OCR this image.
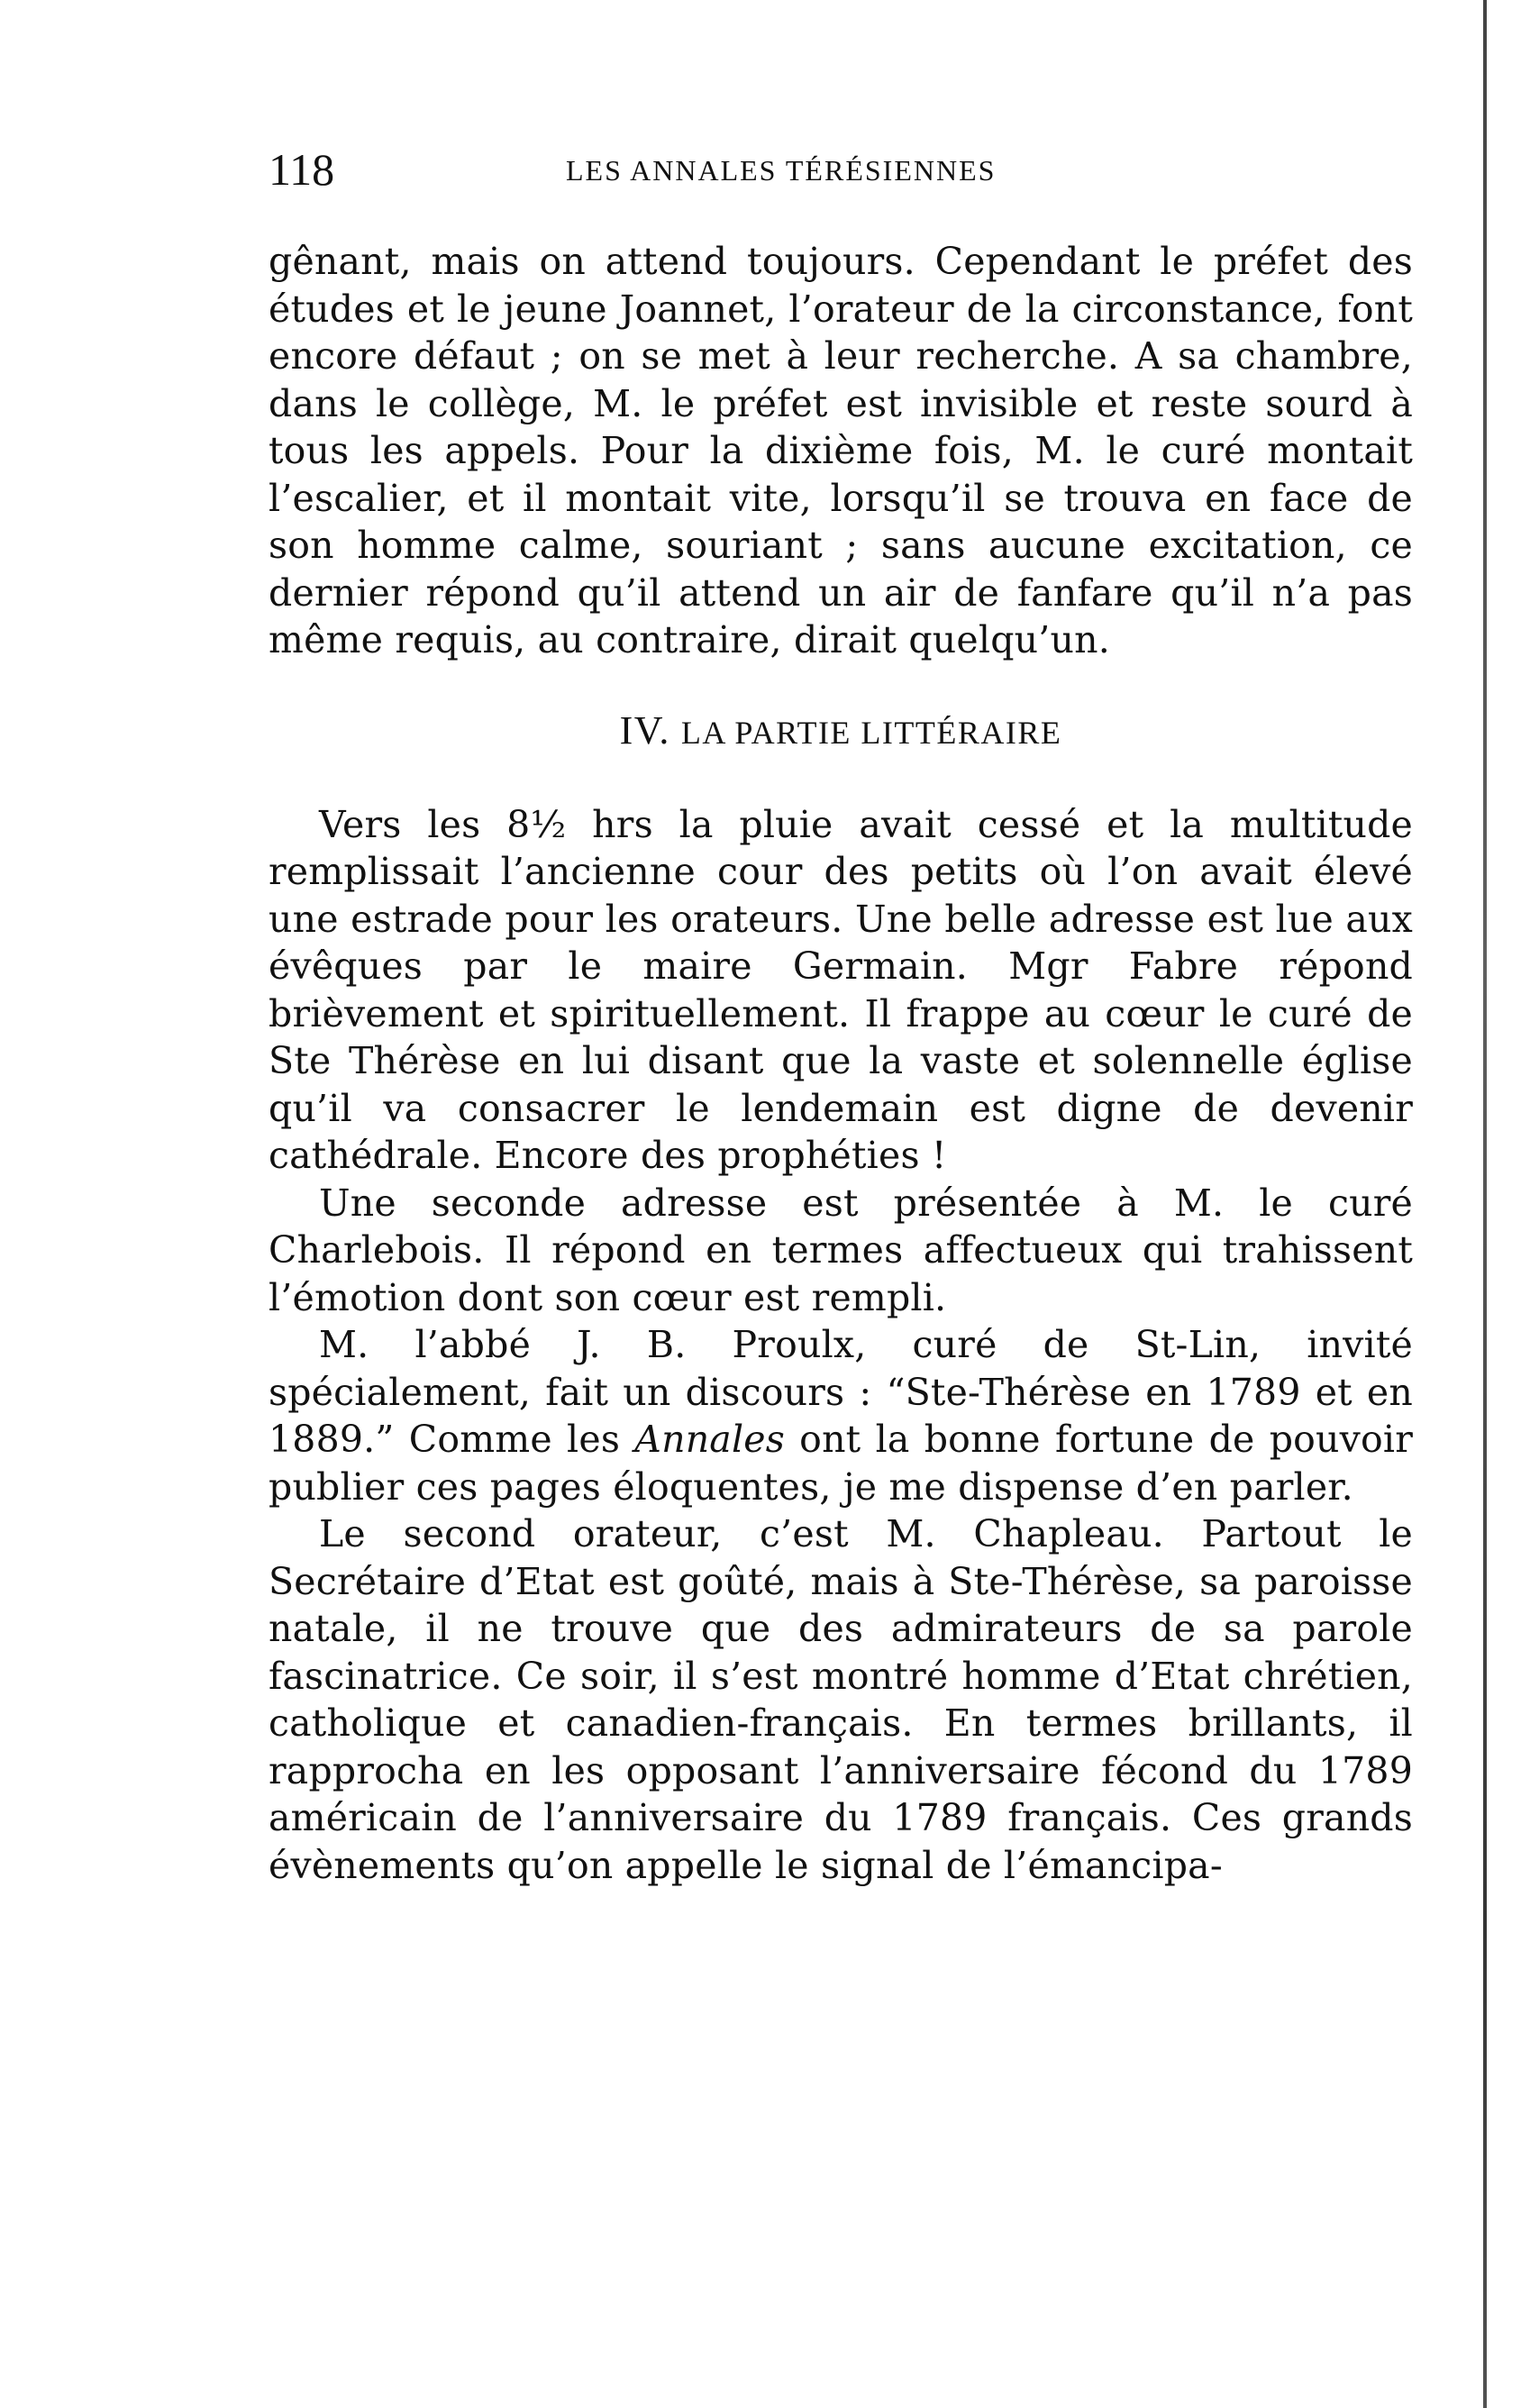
118	LES ANNALES TÉRÉSIENNES

gênant, mais on attend toujours. Cependant le préfet des études et le jeune Joannet, l’orateur de la circonstance, font encore défaut ; on se met à leur recherche. A sa chambre, dans le collège, M. le préfet est invisible et reste sourd à tous les appels. Pour la dixième fois, M. le curé montait l’escalier, et il montait vite, lorsqu’il se trouva en face de son homme calme, souriant ; sans aucune excitation, ce dernier répond qu’il attend un air de fanfare qu’il n’a pas même requis, au contraire, dirait quelqu’un.

IV. LA PARTIE LITTÉRAIRE

Vers les 8½ hrs la pluie avait cessé et la multitude remplissait l’ancienne cour des petits où l’on avait élevé une estrade pour les orateurs. Une belle adresse est lue aux évêques par le maire Germain. Mgr Fabre répond brièvement et spirituellement. Il frappe au cœur le curé de Ste Thérèse en lui disant que la vaste et solennelle église qu’il va consacrer le lendemain est digne de devenir cathédrale. Encore des prophéties !

Une seconde adresse est présentée à M. le curé Charlebois. Il répond en termes affectueux qui trahissent l’émotion dont son cœur est rempli.

M. l’abbé J. B. Proulx, curé de St-Lin, invité spécialement, fait un discours : “Ste-Thérèse en 1789 et en 1889.” Comme les Annales ont la bonne fortune de pouvoir publier ces pages éloquentes, je me dispense d’en parler.

Le second orateur, c’est M. Chapleau. Partout le Secrétaire d’Etat est goûté, mais à Ste-Thérèse, sa paroisse natale, il ne trouve que des admirateurs de sa parole fascinatrice. Ce soir, il s’est montré homme d’Etat chrétien, catholique et canadien-français. En termes brillants, il rapprocha en les opposant l’anniversaire fécond du 1789 américain de l’anniversaire du 1789 français. Ces grands évènements qu’on appelle le signal de l’émancipa-
